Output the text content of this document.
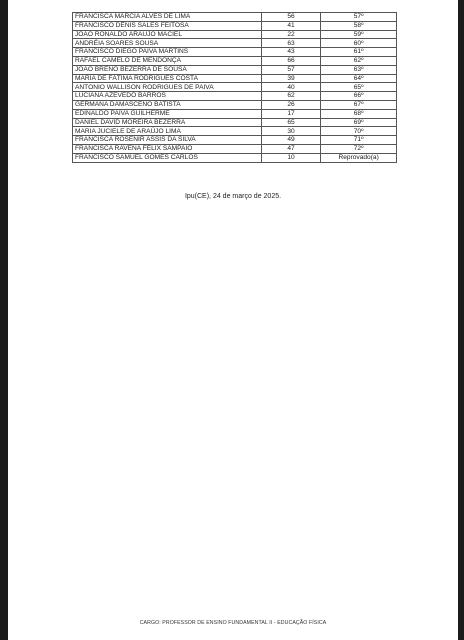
FRANCISCA MÁRCIA ALVES DE LIMA	56	57º
FRANCISCO DÊNIS SALES FEITOSA	41	58º
JOÃO RONALDO ARAÚJO MACIEL	22	59º
ANDRÉIA SOARES SOUSA	63	60º
FRANCISCO DIEGO PAIVA MARTINS	43	61º
RAFAEL CAMELO DE MENDONÇA	66	62º
JOÃO BRENO BEZERRA DE SOUSA	57	63º
MARIA DE FÁTIMA RODRIGUES COSTA	39	64º
ANTONIO WALLISON RODRIGUES DE PAIVA	40	65º
LUCIANA AZEVEDO BARROS	62	66º
GERMANA DAMASCENO BATISTA	26	67º
EDINALDO PAIVA GUILHERME	17	68º
DANIEL DAVID MOREIRA BEZERRA	65	69º
MARIA JUCIELE DE ARAÚJO LIMA	30	70º
FRANCISCA ROSENIR ASSIS DA SILVA	49	71º
FRANCISCA RAVENA FÉLIX SAMPAIO	47	72º
FRANCISCO SAMUEL GOMES CARLOS	10	Reprovado(a)
Ipu(CE), 24 de março de 2025.
CARGO: PROFESSOR DE ENSINO FUNDAMENTAL II - EDUCAÇÃO FÍSICA
